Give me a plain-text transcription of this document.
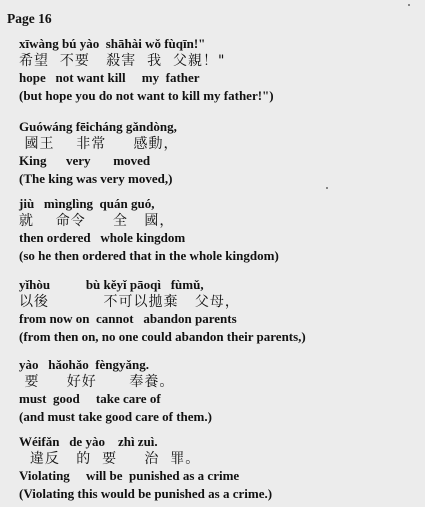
Page 16
xīwàng bú yào  shāhài wǒ fùqīn!"
希望  不要   殺害  我  父親！"
hope   not want kill     my  father
(but hope you do not want to kill my father!")
Guówáng fēicháng gǎndòng,
國王    非常     感動，
King      very       moved
(The king was very moved,)
jiù   mìnglìng  quán guó,
就    命令     全   國，
then ordered   whole kingdom
(so he then ordered that in the whole kingdom)
yǐhòu           bù kěyǐ pāoqì   fùmǔ,
以後          不可以拋棄   父母，
from now on  cannot   abandon parents
(from then on, no one could abandon their parents,)
yào   hǎohǎo  fèngyǎng.
要     好好      奉養。
must  good     take care of
(and must take good care of them.)
Wéifǎn   de yào    zhì zuì.
違反   的  要     治  罪。
Violating     will be  punished as a crime
(Violating this would be punished as a crime.)
